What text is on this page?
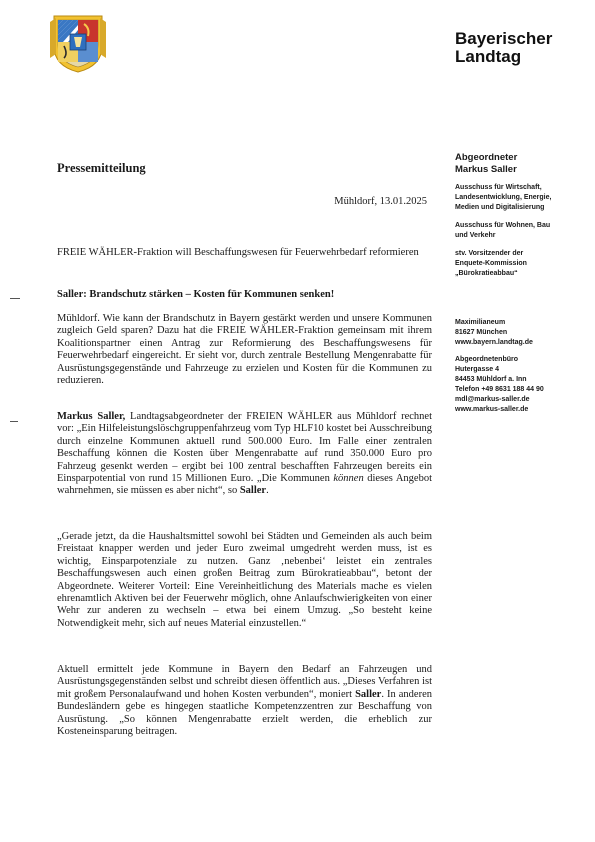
Bayerischer
Landtag
Abgeordneter
Markus Saller
Ausschuss für Wirtschaft,
Landesentwicklung, Energie,
Medien und Digitalisierung
Ausschuss für Wohnen, Bau
und Verkehr
stv. Vorsitzender der
Enquete-Kommission
„Bürokratieabbau“
Maximilianeum
81627 München
www.bayern.landtag.de
Abgeordnetenbüro
Hutergasse 4
84453 Mühldorf a. Inn
Telefon +49 8631 188 44 90
mdl@markus-saller.de
www.markus-saller.de
Pressemitteilung
Mühldorf, 13.01.2025
FREIE WÄHLER-Fraktion will Beschaffungswesen für Feuerwehrbedarf reformieren
Saller: Brandschutz stärken – Kosten für Kommunen senken!

Mühldorf. Wie kann der Brandschutz in Bayern gestärkt werden und unsere Kommunen zugleich Geld sparen? Dazu hat die FREIE WÄHLER-Fraktion gemeinsam mit ihrem Koalitionspartner einen Antrag zur Reformierung des Beschaffungswesens für Feuerwehrbedarf eingereicht. Er sieht vor, durch zentrale Bestellung Mengenrabatte für Ausrüstungsgegenstände und Fahrzeuge zu erzielen und Kosten für die Kommunen zu reduzieren.

Markus Saller, Landtagsabgeordneter der FREIEN WÄHLER aus Mühldorf rechnet vor: „Ein Hilfeleistungslöschgruppenfahrzeug vom Typ HLF10 kostet bei Ausschreibung durch einzelne Kommunen aktuell rund 500.000 Euro. Im Falle einer zentralen Beschaffung können die Kosten über Mengenrabatte auf rund 350.000 Euro pro Fahrzeug gesenkt werden – ergibt bei 100 zentral beschafften Fahrzeugen bereits ein Einsparpotential von rund 15 Millionen Euro. „Die Kommunen können dieses Angebot wahrnehmen, sie müssen es aber nicht“, so Saller.

„Gerade jetzt, da die Haushaltsmittel sowohl bei Städten und Gemeinden als auch beim Freistaat knapper werden und jeder Euro zweimal umgedreht werden muss, ist es wichtig, Einsparpotenziale zu nutzen. Ganz ‚nebenbei‘ leistet ein zentrales Beschaffungswesen auch einen großen Beitrag zum Bürokratieabbau“, betont der Abgeordnete. Weiterer Vorteil: Eine Vereinheitlichung des Materials mache es vielen ehrenamtlich Aktiven bei der Feuerwehr möglich, ohne Anlaufschwierigkeiten von einer Wehr zur anderen zu wechseln – etwa bei einem Umzug. „So besteht keine Notwendigkeit mehr, sich auf neues Material einzustellen.“

Aktuell ermittelt jede Kommune in Bayern den Bedarf an Fahrzeugen und Ausrüstungsgegenständen selbst und schreibt diesen öffentlich aus. „Dieses Verfahren ist mit großem Personalaufwand und hohen Kosten verbunden“, moniert Saller. In anderen Bundesländern gebe es hingegen staatliche Kompetenzzentren zur Beschaffung von Ausrüstung. „So können Mengenrabatte erzielt werden, die erheblich zur Kosteneinsparung beitragen.
